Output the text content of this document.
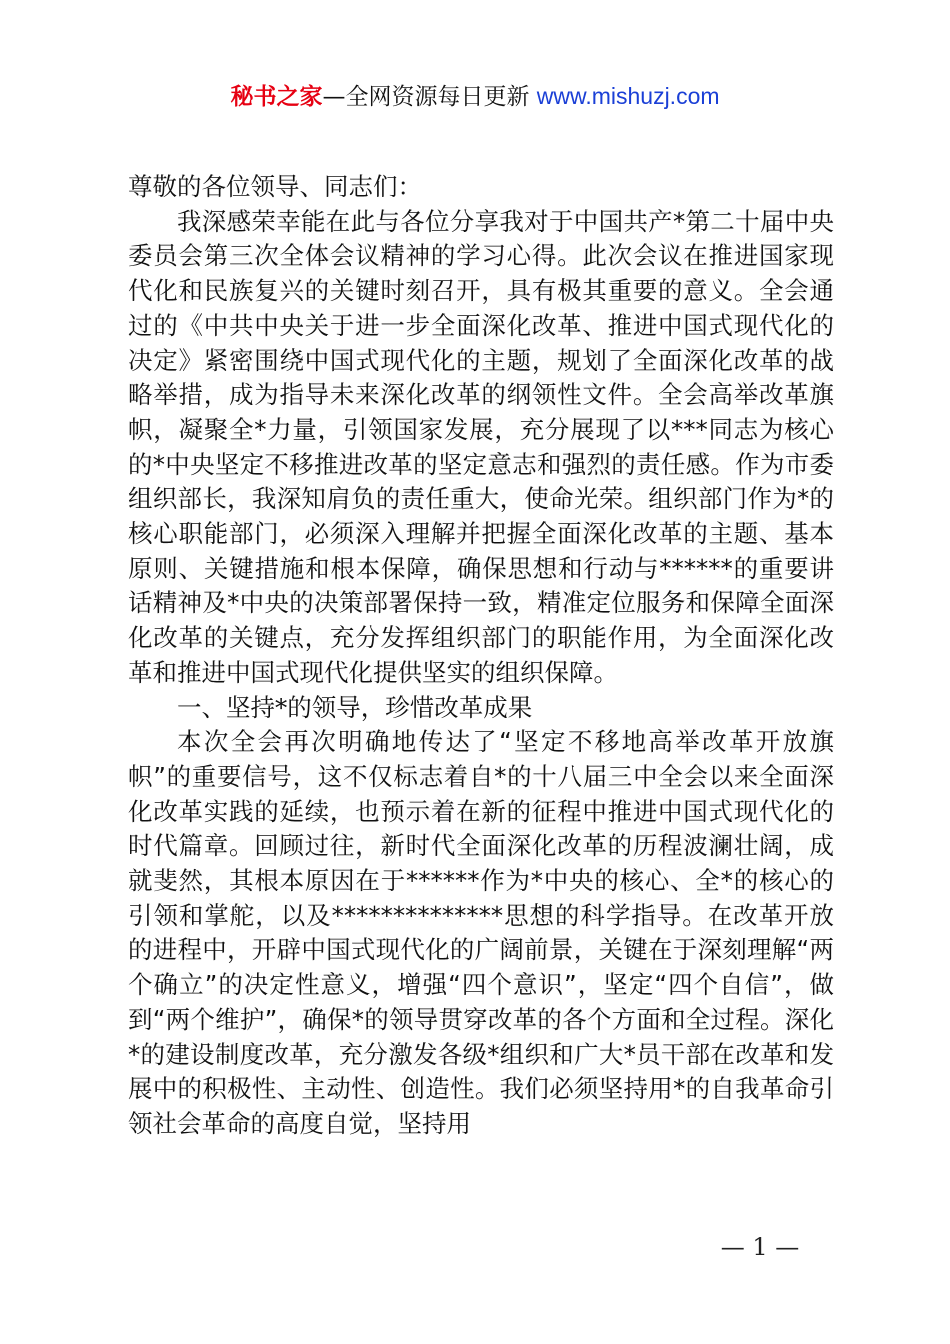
秘书之家—全网资源每日更新 www.mishuzj.com

尊敬的各位领导、同志们：

我深感荣幸能在此与各位分享我对于中国共产*第二十届中央委员会第三次全体会议精神的学习心得。此次会议在推进国家现代化和民族复兴的关键时刻召开，具有极其重要的意义。全会通过的《中共中央关于进一步全面深化改革、推进中国式现代化的决定》紧密围绕中国式现代化的主题，规划了全面深化改革的战略举措，成为指导未来深化改革的纲领性文件。全会高举改革旗帜，凝聚全*力量，引领国家发展，充分展现了以***同志为核心的*中央坚定不移推进改革的坚定意志和强烈的责任感。作为市委组织部长，我深知肩负的责任重大，使命光荣。组织部门作为*的核心职能部门，必须深入理解并把握全面深化改革的主题、基本原则、关键措施和根本保障，确保思想和行动与******的重要讲话精神及*中央的决策部署保持一致，精准定位服务和保障全面深化改革的关键点，充分发挥组织部门的职能作用，为全面深化改革和推进中国式现代化提供坚实的组织保障。

一、坚持*的领导，珍惜改革成果

本次全会再次明确地传达了“坚定不移地高举改革开放旗帜”的重要信号，这不仅标志着自*的十八届三中全会以来全面深化改革实践的延续，也预示着在新的征程中推进中国式现代化的时代篇章。回顾过往，新时代全面深化改革的历程波澜壮阔，成就斐然，其根本原因在于******作为*中央的核心、全*的核心的引领和掌舵，以及**************思想的科学指导。在改革开放的进程中，开辟中国式现代化的广阔前景，关键在于深刻理解“两个确立”的决定性意义，增强“四个意识”，坚定“四个自信”，做到“两个维护”，确保*的领导贯穿改革的各个方面和全过程。深化*的建设制度改革，充分激发各级*组织和广大*员干部在改革和发展中的积极性、主动性、创造性。我们必须坚持用*的自我革命引领社会革命的高度自觉，坚持用

— 1 —
